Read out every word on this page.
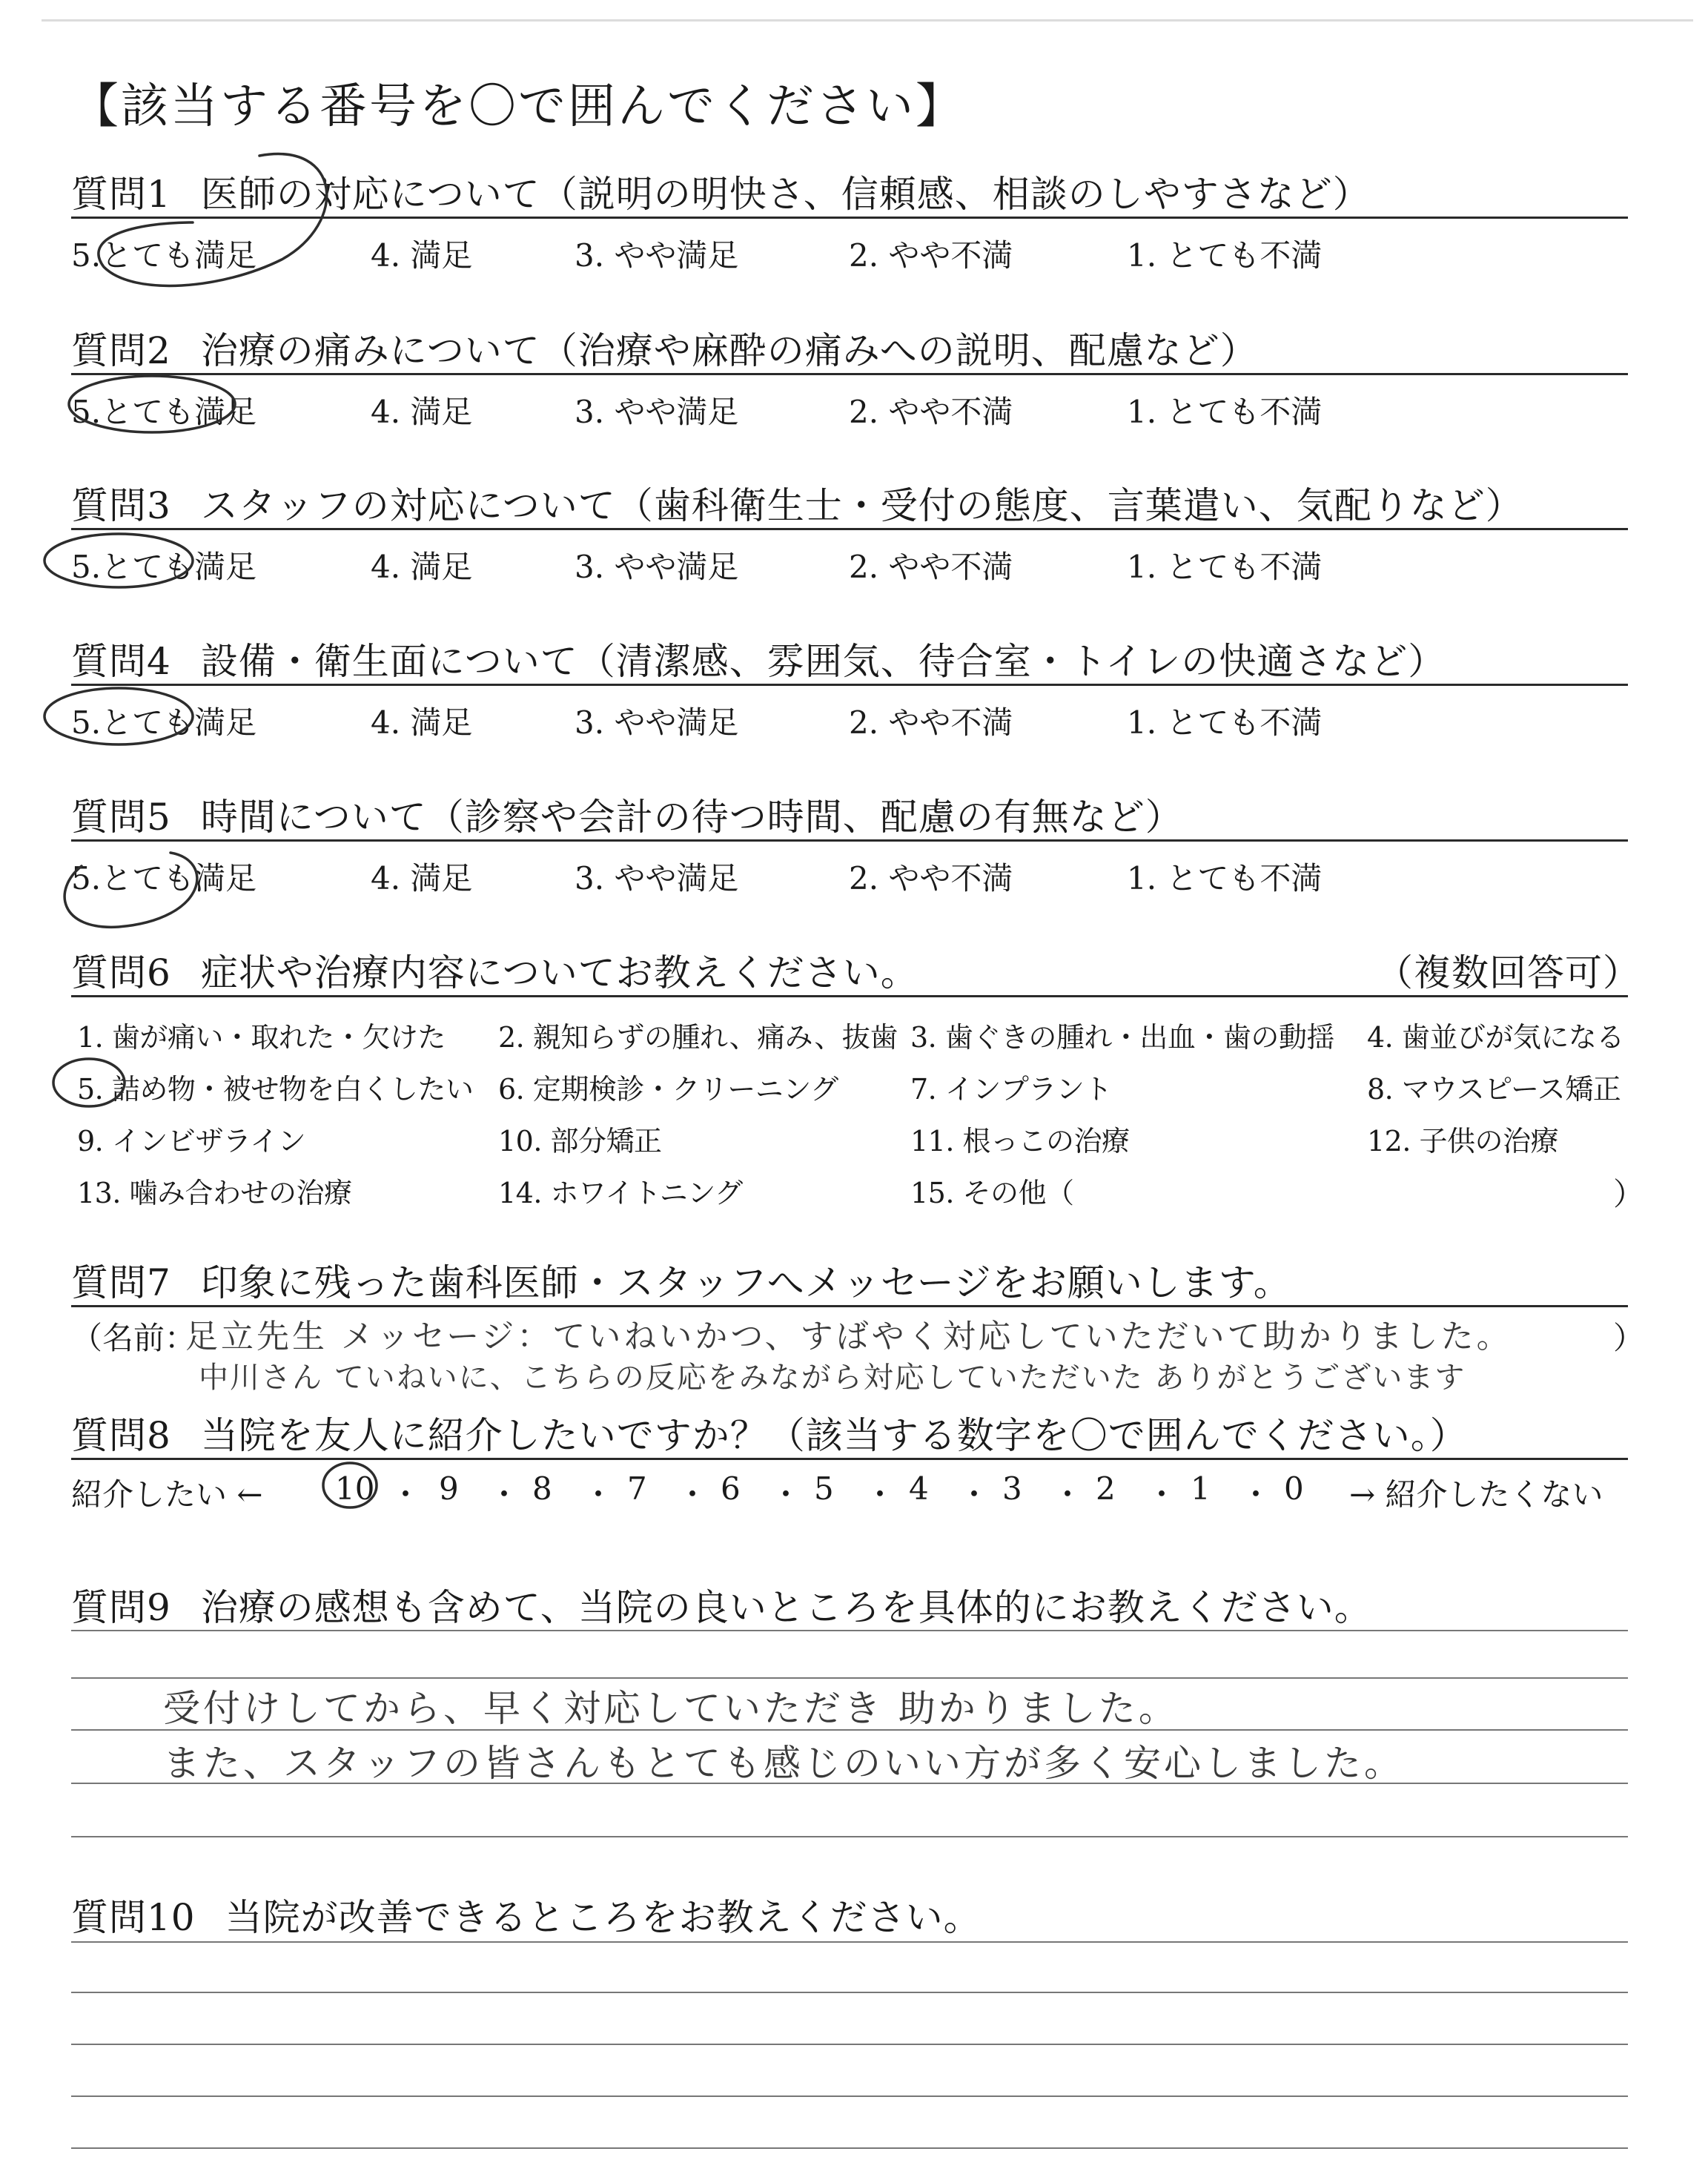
【該当する番号を〇で囲んでください】
質問1 医師の対応について（説明の明快さ、信頼感、相談のしやすさなど）
5.とても満足	4. 満足	3. やや満足	2. やや不満	1. とても不満
質問2 治療の痛みについて（治療や麻酔の痛みへの説明、配慮など）
5.とても満足	4. 満足	3. やや満足	2. やや不満	1. とても不満
質問3 スタッフの対応について（歯科衛生士・受付の態度、言葉遣い、気配りなど）
5.とても満足	4. 満足	3. やや満足	2. やや不満	1. とても不満
質問4 設備・衛生面について（清潔感、雰囲気、待合室・トイレの快適さなど）
5.とても満足	4. 満足	3. やや満足	2. やや不満	1. とても不満
質問5 時間について（診察や会計の待つ時間、配慮の有無など）
5.とても満足	4. 満足	3. やや満足	2. やや不満	1. とても不満
質問6 症状や治療内容についてお教えください。	（複数回答可）
1. 歯が痛い・取れた・欠けた 2. 親知らずの腫れ、痛み、抜歯 3. 歯ぐきの腫れ・出血・歯の動揺 4. 歯並びが気になる
5. 詰め物・被せ物を白くしたい 6. 定期検診・クリーニング	7. インプラント	8. マウスピース矯正
9. インビザライン	10. 部分矯正	11. 根っこの治療	12. 子供の治療
13. 噛み合わせの治療	14. ホワイトニング	15. その他（	）
質問7 印象に残った歯科医師・スタッフへメッセージをお願いします。
（名前：	）
足立先生 メッセージ：ていねいかつ、すばやく対応していただいて助かりました。
中川さん ていねいに、こちらの反応をみながら対応していただいた ありがとうございます
質問8 当院を友人に紹介したいですか？（該当する数字を〇で囲んでください。）
紹介したい ← 10 ・ 9 ・ 8 ・ 7 ・ 6 ・ 5 ・ 4 ・ 3 ・ 2 ・ 1 ・ 0 → 紹介したくない
質問9 治療の感想も含めて、当院の良いところを具体的にお教えください。
受付けしてから、早く対応していただき 助かりました。
また、スタッフの皆さんもとても感じのいい方が多く安心しました。
質問10 当院が改善できるところをお教えください。
